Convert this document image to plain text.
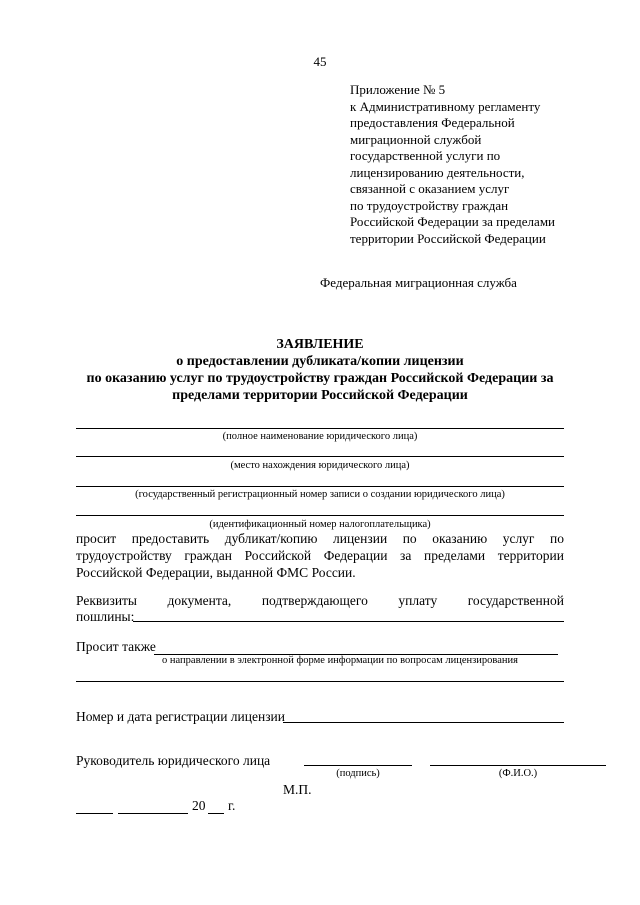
45
Приложение № 5
к Административному регламенту
предоставления Федеральной
миграционной службой
государственной услуги по
лицензированию деятельности,
связанной с оказанием услуг
по трудоустройству граждан
Российской Федерации за пределами
территории Российской Федерации
Федеральная миграционная служба
ЗАЯВЛЕНИЕ
о предоставлении дубликата/копии лицензии
по оказанию услуг по трудоустройству граждан Российской Федерации за
пределами территории Российской Федерации
(полное наименование юридического лица)
(место нахождения юридического лица)
(государственный регистрационный номер записи о создании юридического лица)
(идентификационный номер налогоплательщика)
просит предоставить дубликат/копию лицензии по оказанию услуг по трудоустройству граждан Российской Федерации за пределами территории Российской Федерации, выданной ФМС России.
Реквизиты документа, подтверждающего уплату государственной
пошлины:
Просит также
о направлении в электронной форме информации по вопросам лицензирования
Номер и дата регистрации лицензии
Руководитель юридического лица
(подпись)	(Ф.И.О.)
М.П.
20 г.
